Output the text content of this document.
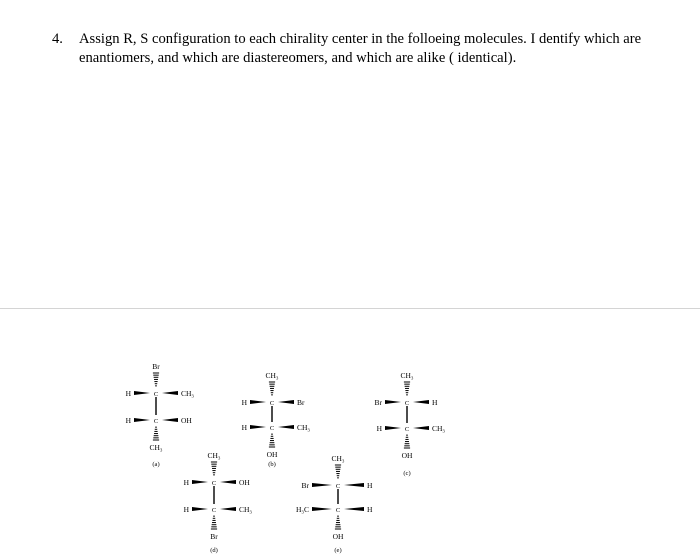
4. Assign R, S configuration to each chirality center in the folloeing molecules. I dentify which are
enantiomers, and which are diastereomers, and which are alike ( identical).
C
C
Br
CH₃
H	CH₃
H	OH
(a)
C
C
CH₃
OH
H	Br
H	CH₃
(b)
C
C
CH₃
OH
Br	H
H	CH₃
(c)
C
C
CH₃
Br
H	OH
H	CH₃
(d)
C
C
CH₃
OH
Br	H
H₃C	H
(e)
